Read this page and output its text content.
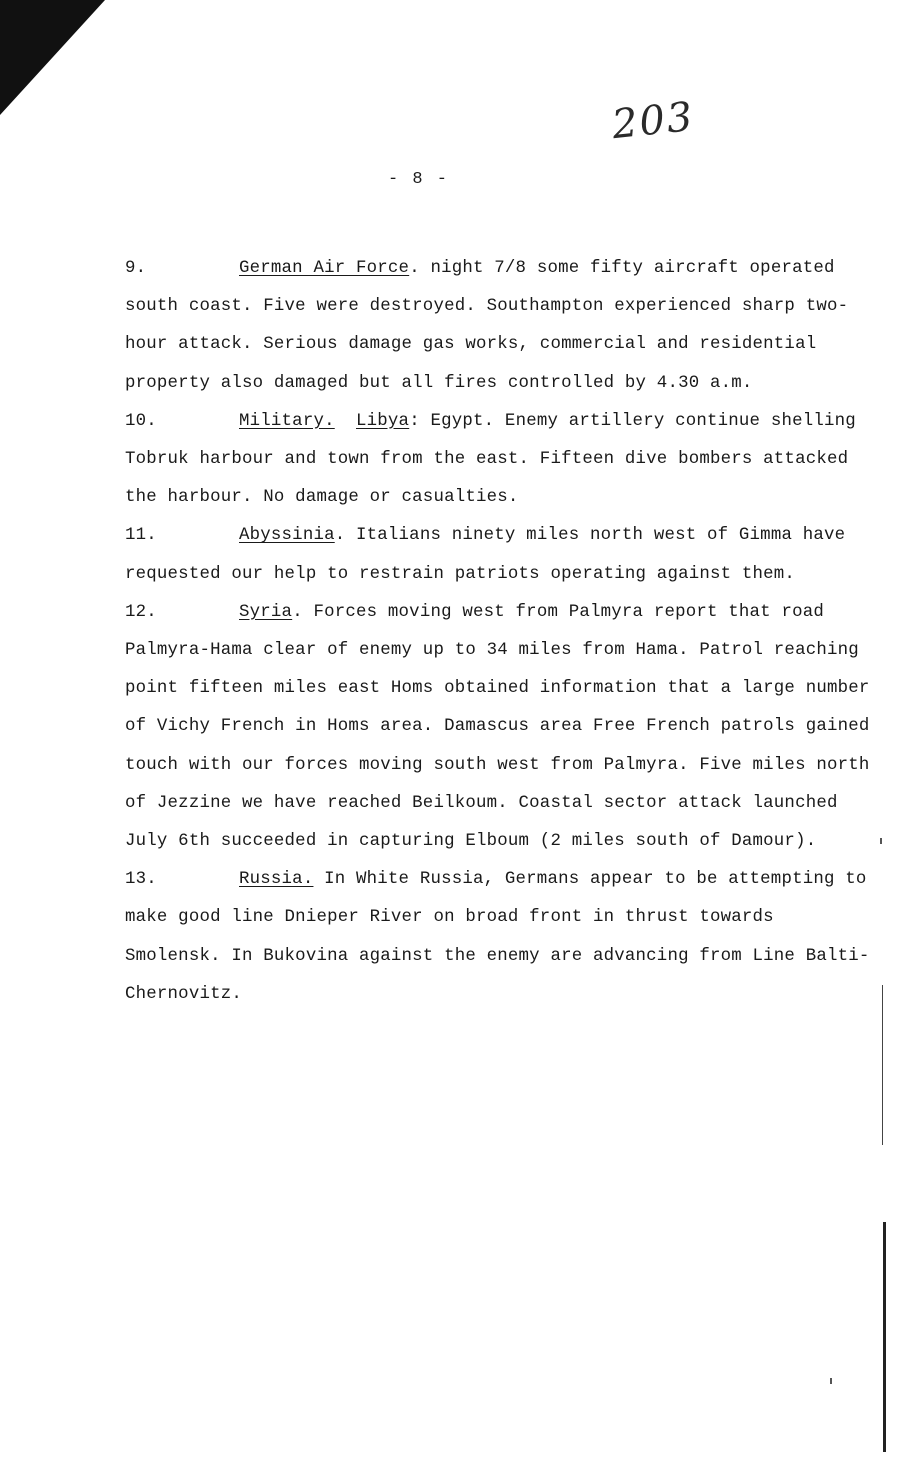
203
- 8 -

9.	German Air Force. night 7/8 some fifty aircraft operated south coast. Five were destroyed. Southampton experienced sharp two-hour attack. Serious damage gas works, commercial and residential property also damaged but all fires controlled by 4.30 a.m.

10.	Military. Libya: Egypt. Enemy artillery continue shelling Tobruk harbour and town from the east. Fifteen dive bombers attacked the harbour. No damage or casualties.

11.	Abyssinia. Italians ninety miles north west of Gimma have requested our help to restrain patriots operating against them.

12.	Syria. Forces moving west from Palmyra report that road Palmyra-Hama clear of enemy up to 34 miles from Hama. Patrol reaching point fifteen miles east Homs obtained information that a large number of Vichy French in Homs area. Damascus area Free French patrols gained touch with our forces moving south west from Palmyra. Five miles north of Jezzine we have reached Beilkoum. Coastal sector attack launched July 6th succeeded in capturing Elboum (2 miles south of Damour).

13.	Russia. In White Russia, Germans appear to be attempting to make good line Dnieper River on broad front in thrust towards Smolensk. In Bukovina against the enemy are advancing from Line Balti-Chernovitz.
